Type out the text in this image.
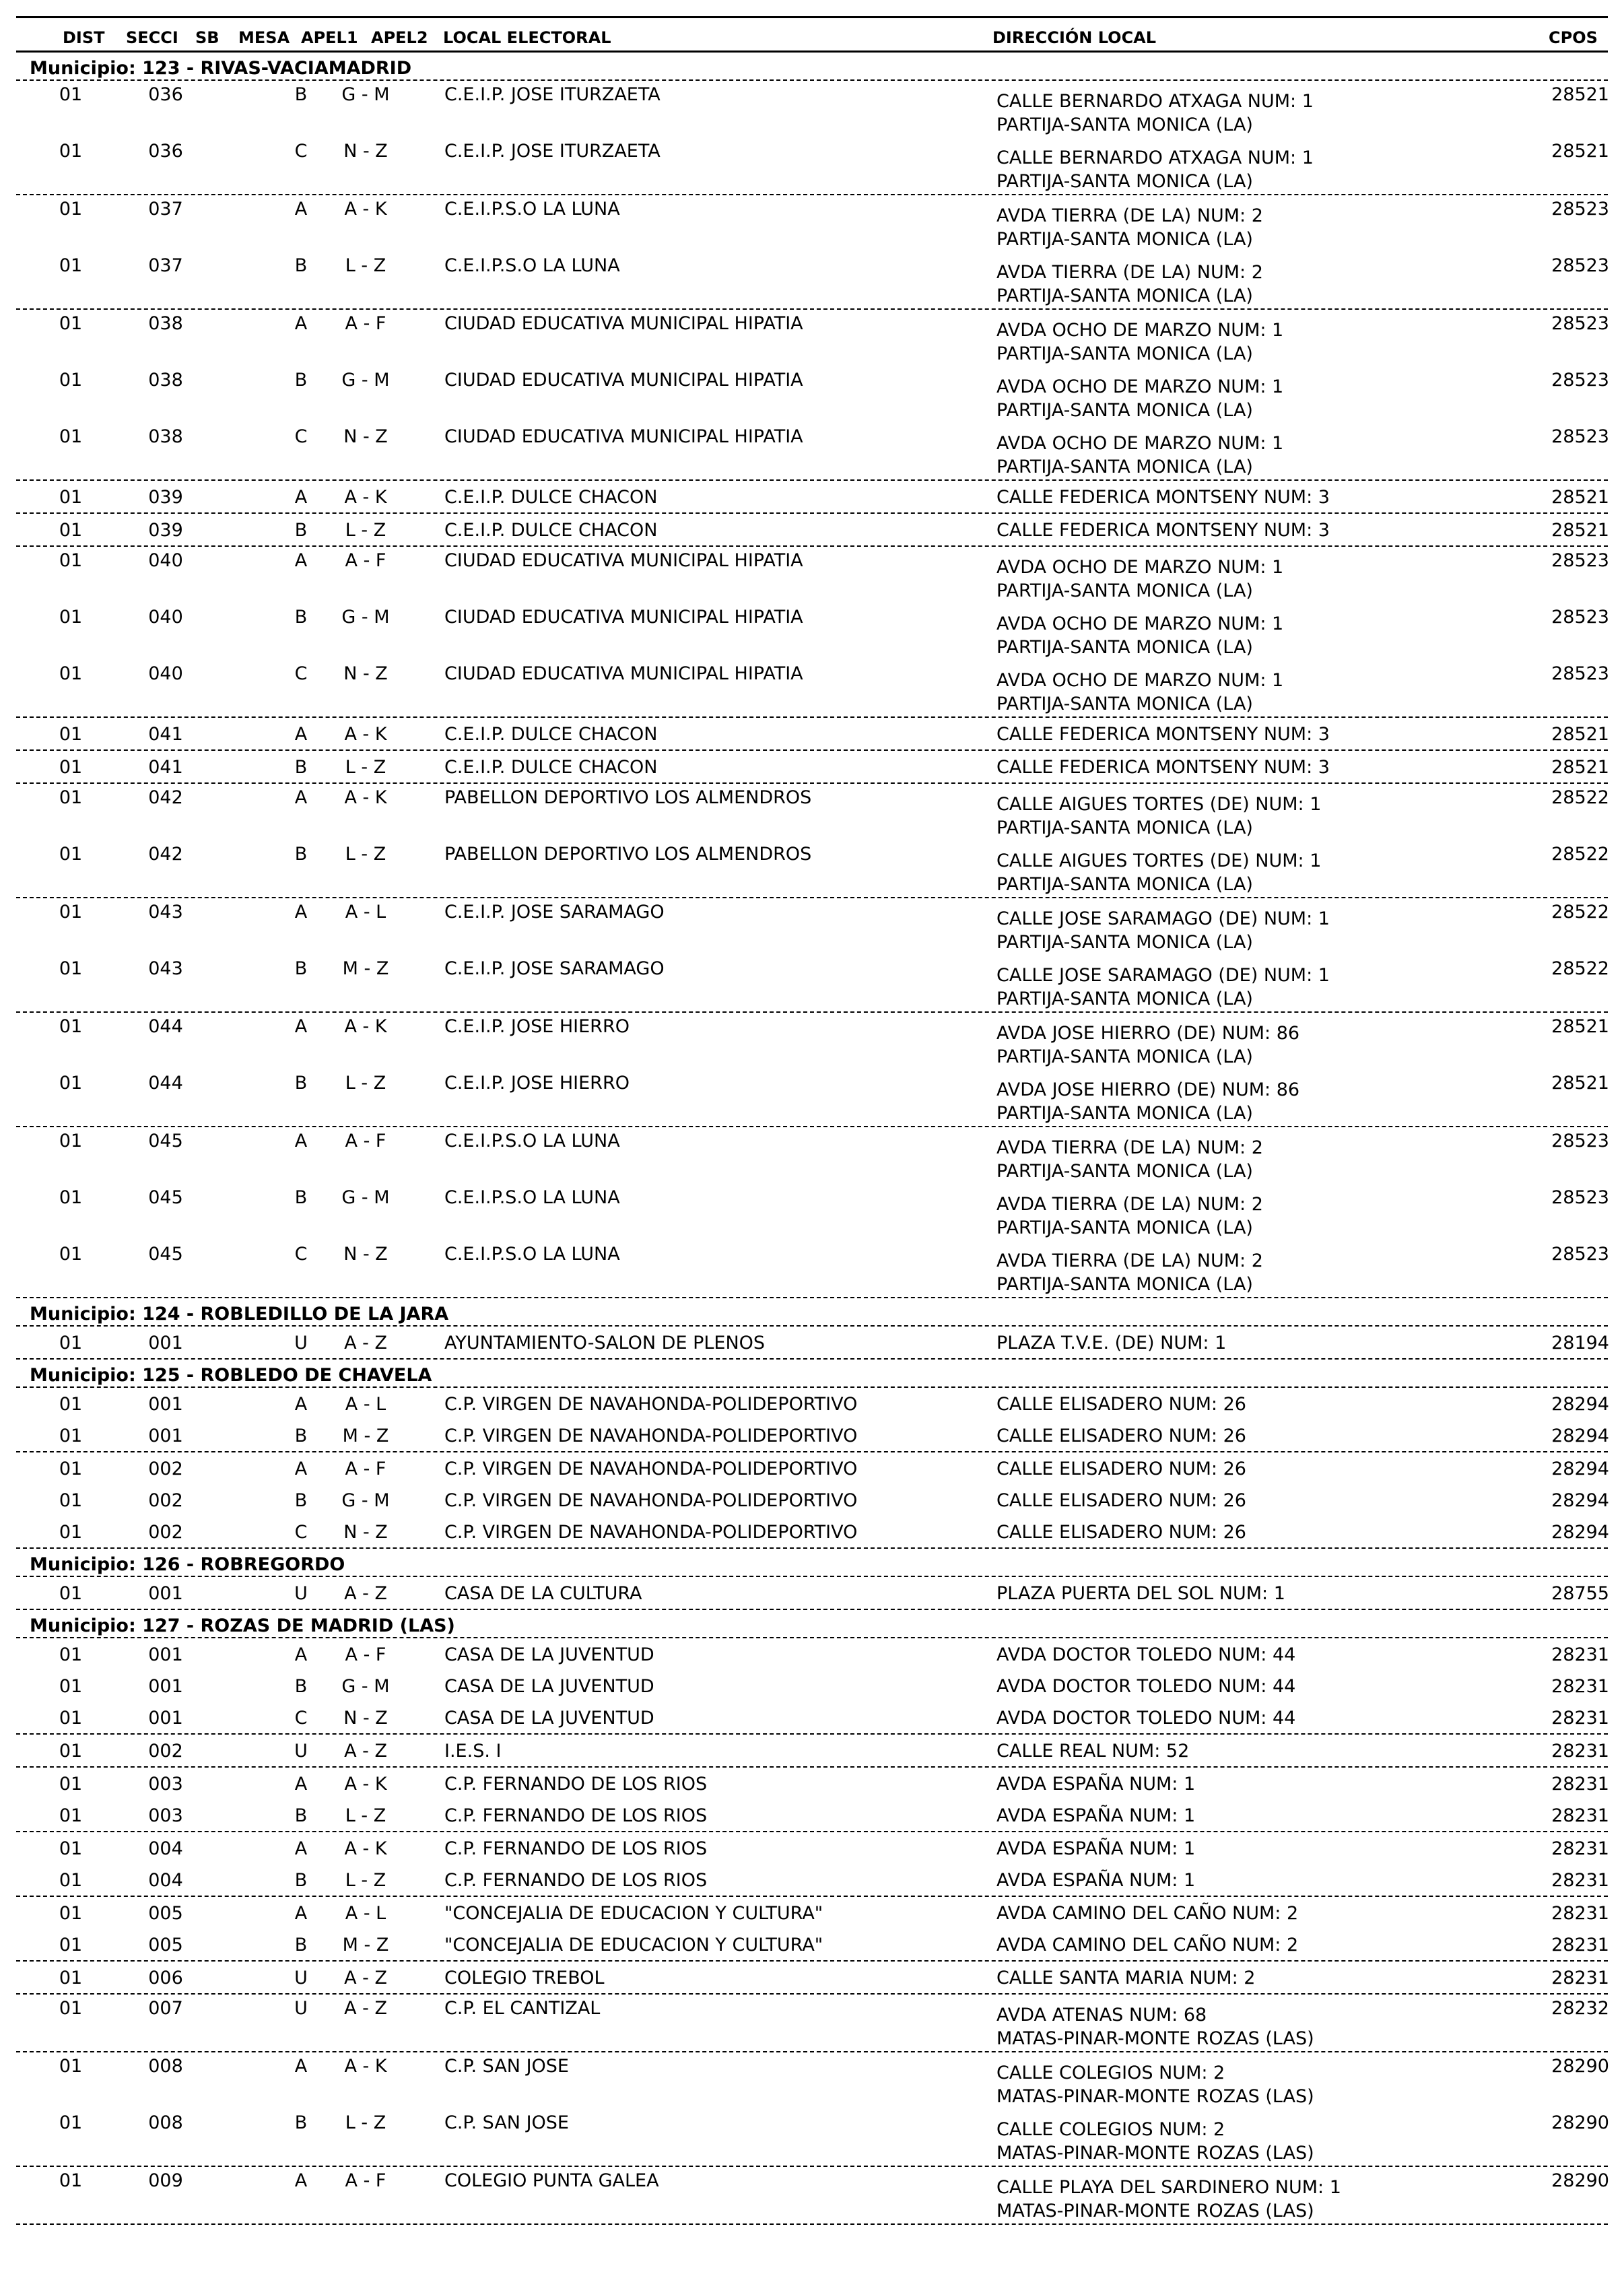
DIST SECCI SB MESA APEL1 APEL2 LOCAL ELECTORAL	DIRECCIÓN LOCAL	CPOS
Municipio: 123 - RIVAS-VACIAMADRID
01	036	B	G - M	C.E.I.P. JOSE ITURZAETA	CALLE BERNARDO ATXAGA NUM: 1
PARTIJA-SANTA MONICA (LA)
28521
01	036	C	N - Z	C.E.I.P. JOSE ITURZAETA	CALLE BERNARDO ATXAGA NUM: 1
PARTIJA-SANTA MONICA (LA)
28521
01	037	A	A - K	C.E.I.P.S.O LA LUNA	AVDA TIERRA (DE LA) NUM: 2
PARTIJA-SANTA MONICA (LA)
28523
01	037	B	L - Z	C.E.I.P.S.O LA LUNA	AVDA TIERRA (DE LA) NUM: 2
PARTIJA-SANTA MONICA (LA)
28523
01	038	A	A - F	CIUDAD EDUCATIVA MUNICIPAL HIPATIA	AVDA OCHO DE MARZO NUM: 1
PARTIJA-SANTA MONICA (LA)
28523
01	038	B	G - M	CIUDAD EDUCATIVA MUNICIPAL HIPATIA	AVDA OCHO DE MARZO NUM: 1
PARTIJA-SANTA MONICA (LA)
28523
01	038	C	N - Z	CIUDAD EDUCATIVA MUNICIPAL HIPATIA	AVDA OCHO DE MARZO NUM: 1
PARTIJA-SANTA MONICA (LA)
28523
01	039	A	A - K	C.E.I.P. DULCE CHACON	CALLE FEDERICA MONTSENY NUM: 3	28521
01	039	B	L - Z	C.E.I.P. DULCE CHACON	CALLE FEDERICA MONTSENY NUM: 3	28521
01	040	A	A - F	CIUDAD EDUCATIVA MUNICIPAL HIPATIA	AVDA OCHO DE MARZO NUM: 1
PARTIJA-SANTA MONICA (LA)
28523
01	040	B	G - M	CIUDAD EDUCATIVA MUNICIPAL HIPATIA	AVDA OCHO DE MARZO NUM: 1
PARTIJA-SANTA MONICA (LA)
28523
01	040	C	N - Z	CIUDAD EDUCATIVA MUNICIPAL HIPATIA	AVDA OCHO DE MARZO NUM: 1
PARTIJA-SANTA MONICA (LA)
28523
01	041	A	A - K	C.E.I.P. DULCE CHACON	CALLE FEDERICA MONTSENY NUM: 3	28521
01	041	B	L - Z	C.E.I.P. DULCE CHACON	CALLE FEDERICA MONTSENY NUM: 3	28521
01	042	A	A - K	PABELLON DEPORTIVO LOS ALMENDROS	CALLE AIGUES TORTES (DE) NUM: 1
PARTIJA-SANTA MONICA (LA)
28522
01	042	B	L - Z	PABELLON DEPORTIVO LOS ALMENDROS	CALLE AIGUES TORTES (DE) NUM: 1
PARTIJA-SANTA MONICA (LA)
28522
01	043	A	A - L	C.E.I.P. JOSE SARAMAGO	CALLE JOSE SARAMAGO (DE) NUM: 1
PARTIJA-SANTA MONICA (LA)
28522
01	043	B	M - Z	C.E.I.P. JOSE SARAMAGO	CALLE JOSE SARAMAGO (DE) NUM: 1
PARTIJA-SANTA MONICA (LA)
28522
01	044	A	A - K	C.E.I.P. JOSE HIERRO	AVDA JOSE HIERRO (DE) NUM: 86
PARTIJA-SANTA MONICA (LA)
28521
01	044	B	L - Z	C.E.I.P. JOSE HIERRO	AVDA JOSE HIERRO (DE) NUM: 86
PARTIJA-SANTA MONICA (LA)
28521
01	045	A	A - F	C.E.I.P.S.O LA LUNA	AVDA TIERRA (DE LA) NUM: 2
PARTIJA-SANTA MONICA (LA)
28523
01	045	B	G - M	C.E.I.P.S.O LA LUNA	AVDA TIERRA (DE LA) NUM: 2
PARTIJA-SANTA MONICA (LA)
28523
01	045	C	N - Z	C.E.I.P.S.O LA LUNA	AVDA TIERRA (DE LA) NUM: 2
PARTIJA-SANTA MONICA (LA)
28523
Municipio: 124 - ROBLEDILLO DE LA JARA
01	001	U	A - Z	AYUNTAMIENTO-SALON DE PLENOS	PLAZA T.V.E. (DE) NUM: 1	28194
Municipio: 125 - ROBLEDO DE CHAVELA
01	001	A	A - L	C.P. VIRGEN DE NAVAHONDA-POLIDEPORTIVO	CALLE ELISADERO NUM: 26	28294
01	001	B	M - Z	C.P. VIRGEN DE NAVAHONDA-POLIDEPORTIVO	CALLE ELISADERO NUM: 26	28294
01	002	A	A - F	C.P. VIRGEN DE NAVAHONDA-POLIDEPORTIVO	CALLE ELISADERO NUM: 26	28294
01	002	B	G - M	C.P. VIRGEN DE NAVAHONDA-POLIDEPORTIVO	CALLE ELISADERO NUM: 26	28294
01	002	C	N - Z	C.P. VIRGEN DE NAVAHONDA-POLIDEPORTIVO	CALLE ELISADERO NUM: 26	28294
Municipio: 126 - ROBREGORDO
01	001	U	A - Z	CASA DE LA CULTURA	PLAZA PUERTA DEL SOL NUM: 1	28755
Municipio: 127 - ROZAS DE MADRID (LAS)
01	001	A	A - F	CASA DE LA JUVENTUD	AVDA DOCTOR TOLEDO NUM: 44	28231
01	001	B	G - M	CASA DE LA JUVENTUD	AVDA DOCTOR TOLEDO NUM: 44	28231
01	001	C	N - Z	CASA DE LA JUVENTUD	AVDA DOCTOR TOLEDO NUM: 44	28231
01	002	U	A - Z	I.E.S. I	CALLE REAL NUM: 52	28231
01	003	A	A - K	C.P. FERNANDO DE LOS RIOS	AVDA ESPAÑA NUM: 1	28231
01	003	B	L - Z	C.P. FERNANDO DE LOS RIOS	AVDA ESPAÑA NUM: 1	28231
01	004	A	A - K	C.P. FERNANDO DE LOS RIOS	AVDA ESPAÑA NUM: 1	28231
01	004	B	L - Z	C.P. FERNANDO DE LOS RIOS	AVDA ESPAÑA NUM: 1	28231
01	005	A	A - L	"CONCEJALIA DE EDUCACION Y CULTURA"	AVDA CAMINO DEL CAÑO NUM: 2	28231
01	005	B	M - Z	"CONCEJALIA DE EDUCACION Y CULTURA"	AVDA CAMINO DEL CAÑO NUM: 2	28231
01	006	U	A - Z	COLEGIO TREBOL	CALLE SANTA MARIA NUM: 2	28231
01	007	U	A - Z	C.P. EL CANTIZAL	AVDA ATENAS NUM: 68
MATAS-PINAR-MONTE ROZAS (LAS)
28232
01	008	A	A - K	C.P. SAN JOSE	CALLE COLEGIOS NUM: 2
MATAS-PINAR-MONTE ROZAS (LAS)
28290
01	008	B	L - Z	C.P. SAN JOSE	CALLE COLEGIOS NUM: 2
MATAS-PINAR-MONTE ROZAS (LAS)
28290
01	009	A	A - F	COLEGIO PUNTA GALEA	CALLE PLAYA DEL SARDINERO NUM: 1
MATAS-PINAR-MONTE ROZAS (LAS)
28290
